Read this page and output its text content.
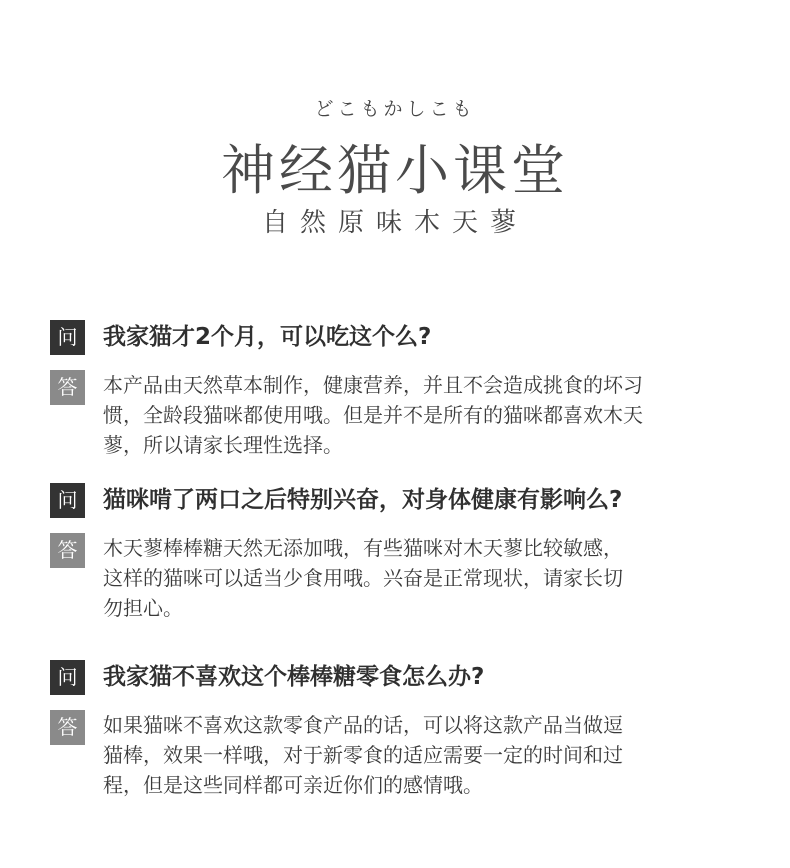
どこもかしこも
神经猫小课堂
自然原味木天蓼
问	我家猫才2个月，可以吃这个么?
答	本产品由天然草本制作，健康营养，并且不会造成挑食的坏习
惯，全龄段猫咪都使用哦。但是并不是所有的猫咪都喜欢木天
蓼，所以请家长理性选择。
问	猫咪啃了两口之后特别兴奋，对身体健康有影响么?
答	木天蓼棒棒糖天然无添加哦，有些猫咪对木天蓼比较敏感，
这样的猫咪可以适当少食用哦。兴奋是正常现状，请家长切
勿担心。
问	我家猫不喜欢这个棒棒糖零食怎么办?
答	如果猫咪不喜欢这款零食产品的话，可以将这款产品当做逗
猫棒，效果一样哦，对于新零食的适应需要一定的时间和过
程，但是这些同样都可亲近你们的感情哦。
